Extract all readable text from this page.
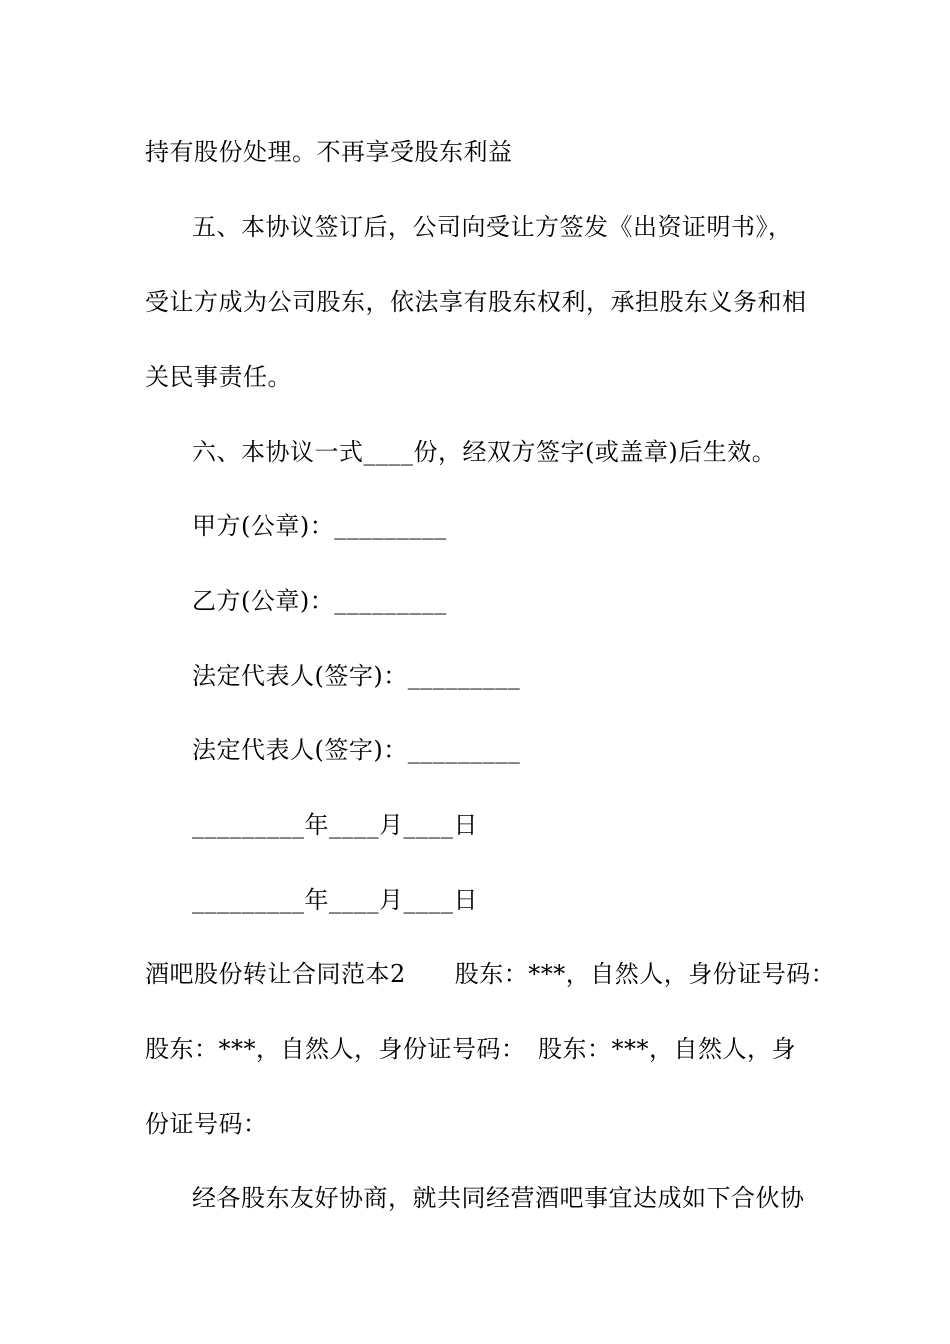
持有股份处理。不再享受股东利益
五、本协议签订后，公司向受让方签发《出资证明书》，
受让方成为公司股东，依法享有股东权利，承担股东义务和相
关民事责任。
六、本协议一式____份，经双方签字(或盖章)后生效。
甲方(公章)：_________
乙方(公章)：_________
法定代表人(签字)：_________
法定代表人(签字)：_________
_________年____月____日
_________年____月____日
酒吧股份转让合同范本2　　股东：***，自然人，身份证号码：
股东：***，自然人，身份证号码：　股东：***，自然人，身
份证号码：
经各股东友好协商，就共同经营酒吧事宜达成如下合伙协
